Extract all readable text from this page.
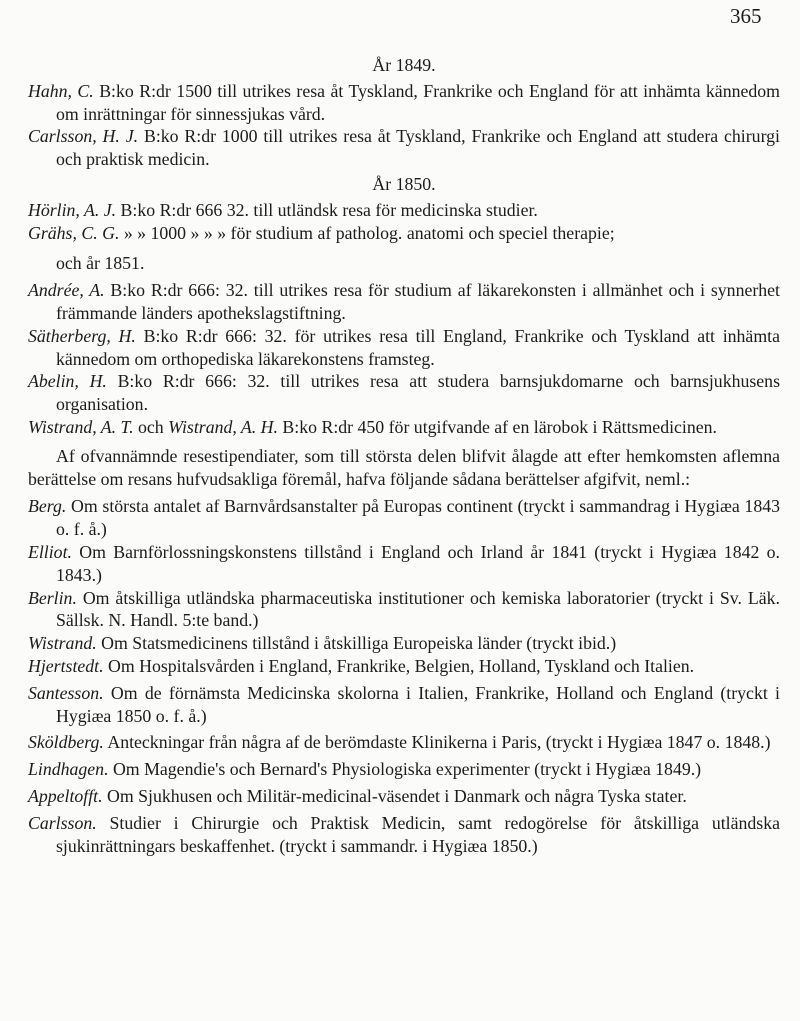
365
År 1849.

Hahn, C. B:ko R:dr 1500 till utrikes resa åt Tyskland, Frankrike och England för att inhämta kännedom om inrättningar för sinnessjukas vård.

Carlsson, H. J. B:ko R:dr 1000 till utrikes resa åt Tyskland, Frankrike och England att studera chirurgi och praktisk medicin.

År 1850.

Hörlin, A. J. B:ko R:dr 666 32. till utländsk resa för medicinska studier.

Grähs, C. G. » » 1000 » » » för studium af patholog. anatomi och speciel therapie;

och år 1851.

Andrée, A. B:ko R:dr 666: 32. till utrikes resa för studium af läkarekonsten i allmänhet och i synnerhet främmande länders apothekslagstiftning.

Sätherberg, H. B:ko R:dr 666: 32. för utrikes resa till England, Frankrike och Tyskland att inhämta kännedom om orthopediska läkarekonstens framsteg.

Abelin, H. B:ko R:dr 666: 32. till utrikes resa att studera barnsjukdomarne och barnsjukhusens organisation.

Wistrand, A. T. och Wistrand, A. H. B:ko R:dr 450 för utgifvande af en lärobok i Rättsmedicinen.

Af ofvannämnde resestipendiater, som till största delen blifvit ålagde att efter hemkomsten aflemna berättelse om resans hufvudsakliga föremål, hafva följande sådana berättelser afgifvit, neml.:

Berg. Om största antalet af Barnvårdsanstalter på Europas continent (tryckt i sammandrag i Hygiæa 1843 o. f. å.)

Elliot. Om Barnförlossningskonstens tillstånd i England och Irland år 1841 (tryckt i Hygiæa 1842 o. 1843.)

Berlin. Om åtskilliga utländska pharmaceutiska institutioner och kemiska laboratorier (tryckt i Sv. Läk. Sällsk. N. Handl. 5:te band.)

Wistrand. Om Statsmedicinens tillstånd i åtskilliga Europeiska länder (tryckt ibid.)

Hjertstedt. Om Hospitalsvården i England, Frankrike, Belgien, Holland, Tyskland och Italien.

Santesson. Om de förnämsta Medicinska skolorna i Italien, Frankrike, Holland och England (tryckt i Hygiæa 1850 o. f. å.)

Sköldberg. Anteckningar från några af de berömdaste Klinikerna i Paris, (tryckt i Hygiæa 1847 o. 1848.)

Lindhagen. Om Magendie's och Bernard's Physiologiska experimenter (tryckt i Hygiæa 1849.)

Appeltofft. Om Sjukhusen och Militär-medicinal-väsendet i Danmark och några Tyska stater.

Carlsson. Studier i Chirurgie och Praktisk Medicin, samt redogörelse för åtskilliga utländska sjukinrättningars beskaffenhet. (tryckt i sammandr. i Hygiæa 1850.)
